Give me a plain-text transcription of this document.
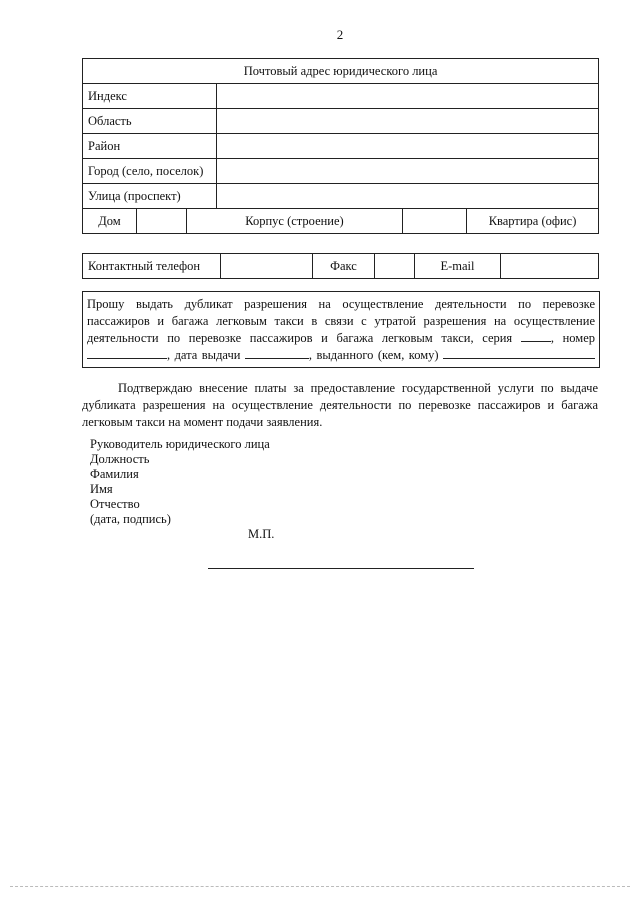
2
Почтовый адрес юридического лица					
Индекс					
Область					
Район					
Город (село, поселок)					
Улица (проспект)					
Дом		Корпус (строение)			Квартира (офис)
Контактный телефон		Факс		E-mail	
Прошу выдать дубликат разрешения на осуществление деятельности по перевозке
пассажиров и багажа легковым такси в связи с утратой разрешения на осуществление
деятельности по перевозке пассажиров и багажа легковым такси, серия	, номер
, дата выдачи	, выданного (кем, кому)
Подтверждаю внесение платы за предоставление государственной услуги по выдаче дубликата разрешения на осуществление деятельности по перевозке пассажиров и багажа легковым такси на момент подачи заявления.
Руководитель юридического лица
Должность
Фамилия
Имя
Отчество
(дата, подпись)
М.П.
